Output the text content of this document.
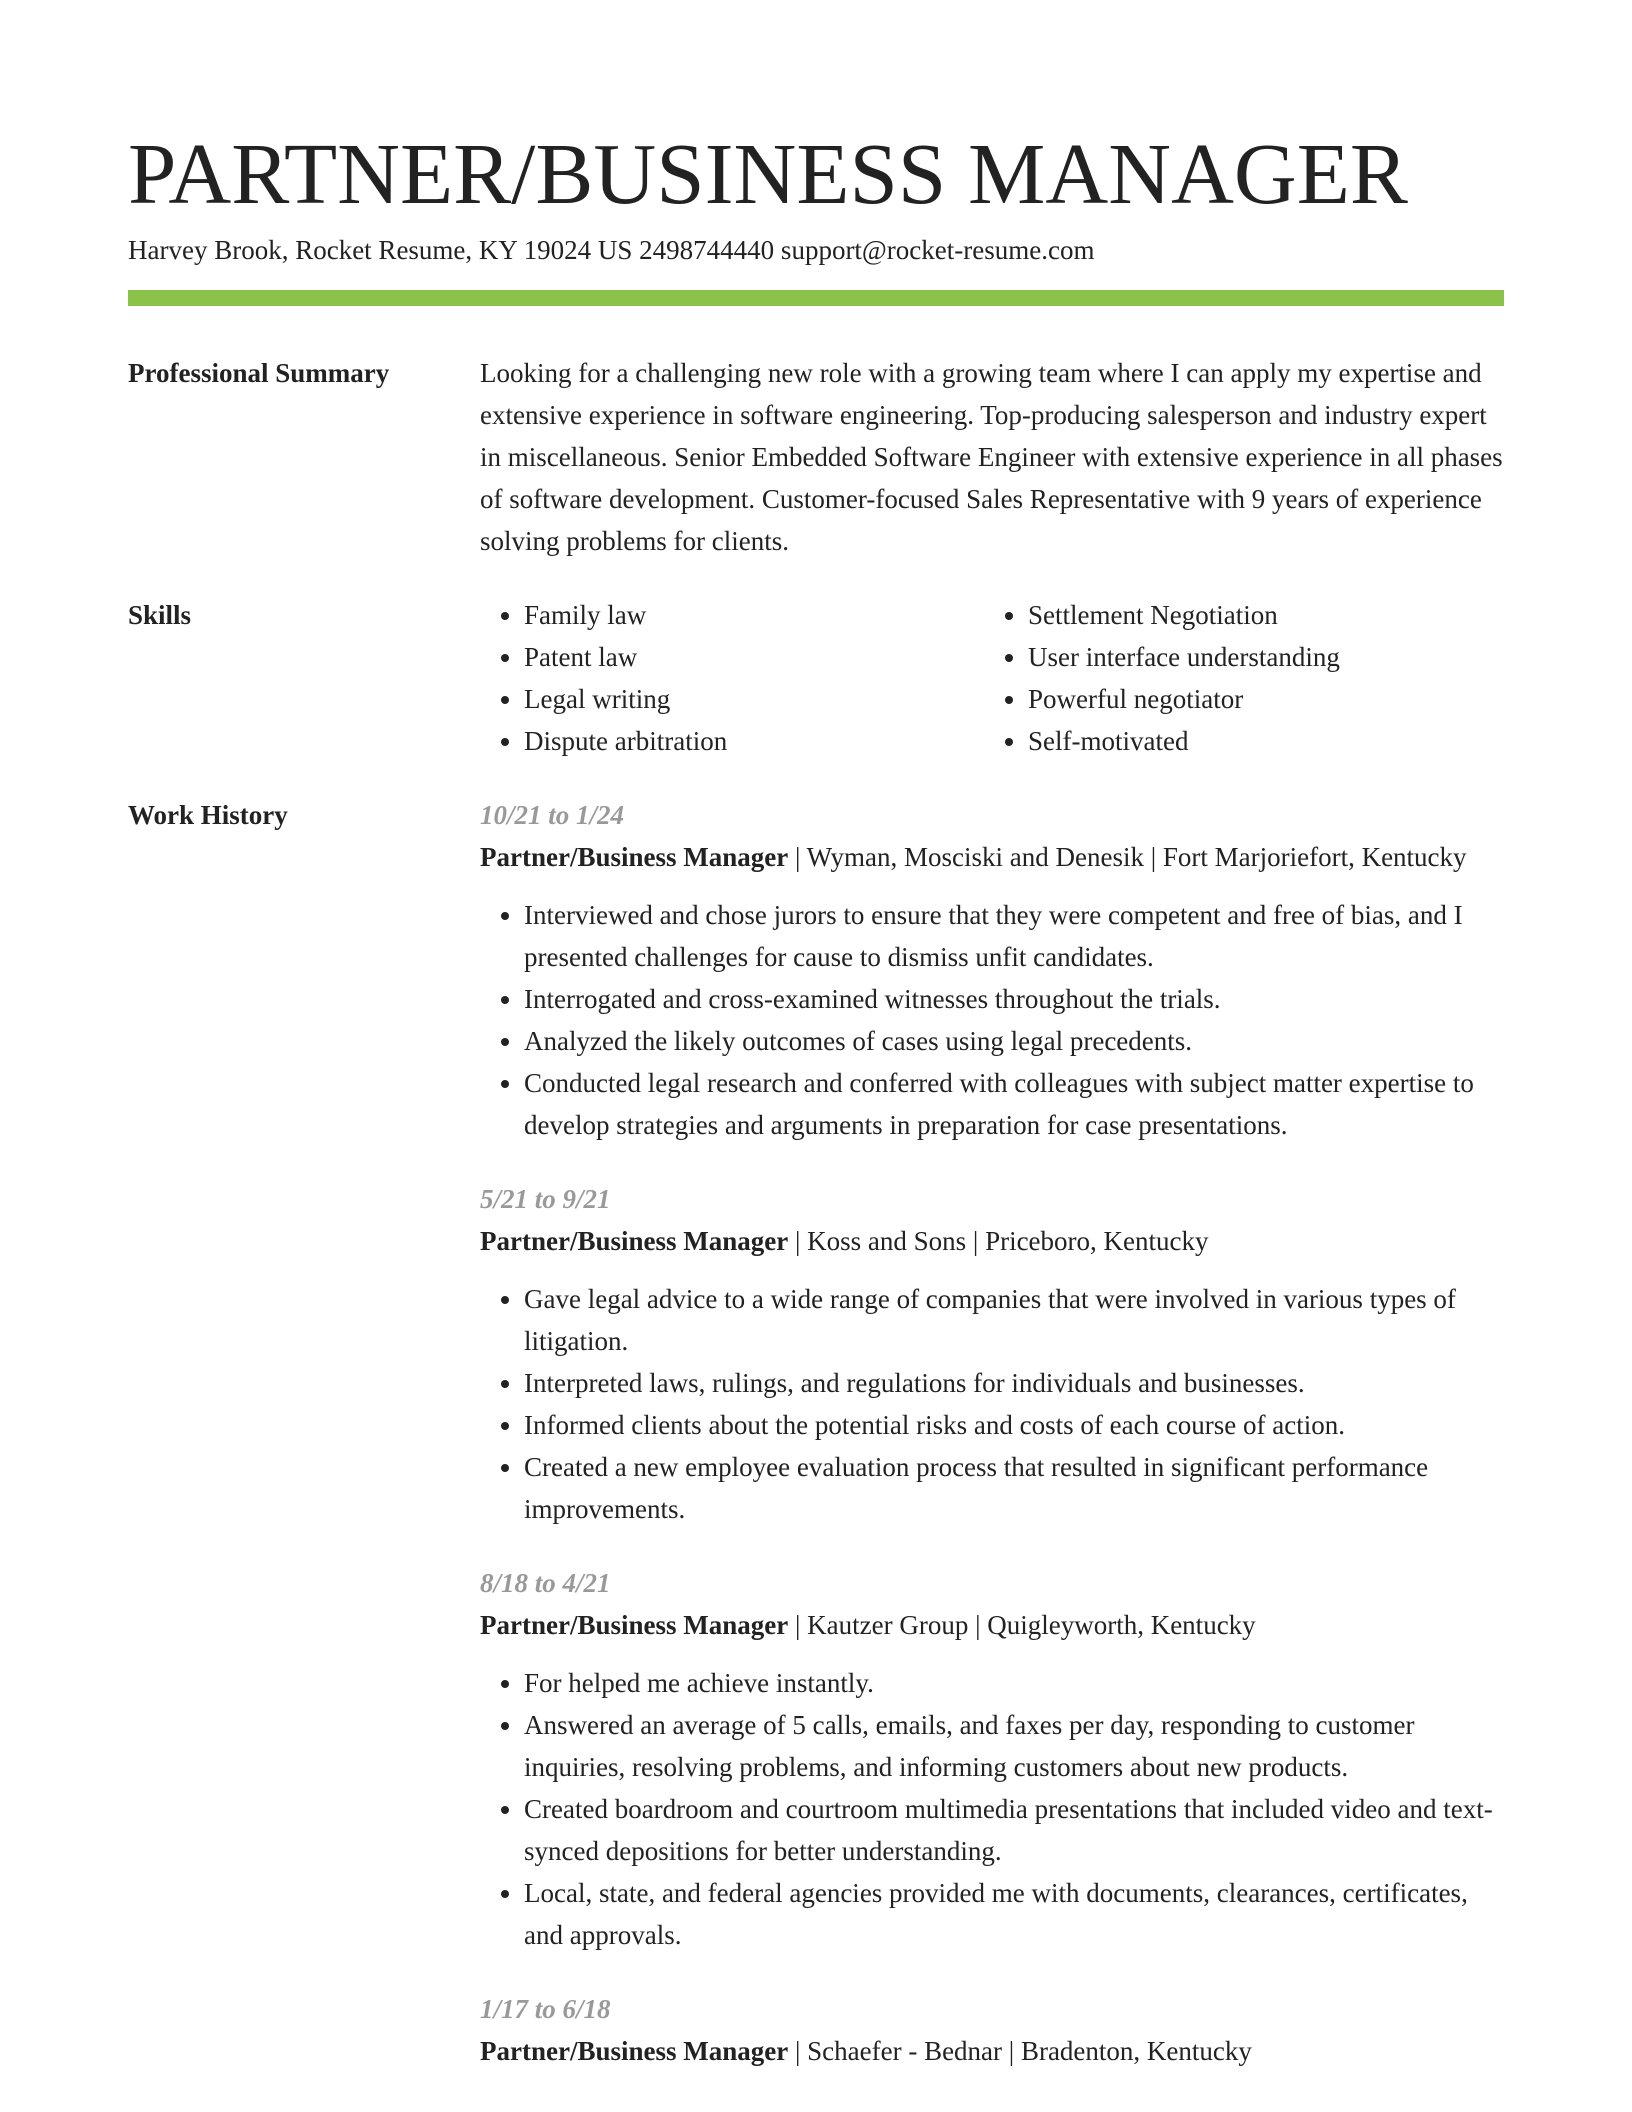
PARTNER/BUSINESS MANAGER
Harvey Brook, Rocket Resume, KY 19024 US 2498744440 support@rocket-resume.com
Professional Summary	Looking for a challenging new role with a growing team where I can apply my expertise and extensive experience in software engineering. Top-producing salesperson and industry expert in miscellaneous. Senior Embedded Software Engineer with extensive experience in all phases of software development. Customer-focused Sales Representative with 9 years of experience solving problems for clients.
Skills
•	Family law
• Patent law
• Legal writing
• Dispute arbitration
• Settlement Negotiation
• User interface understanding
• Powerful negotiator
• Self-motivated
Work History	10/21 to 1/24
Partner/Business Manager | Wyman, Mosciski and Denesik | Fort Marjoriefort, Kentucky
• Interviewed and chose jurors to ensure that they were competent and free of bias, and I presented challenges for cause to dismiss unfit candidates.
• Interrogated and cross-examined witnesses throughout the trials.
• Analyzed the likely outcomes of cases using legal precedents.
• Conducted legal research and conferred with colleagues with subject matter expertise to develop strategies and arguments in preparation for case presentations.
5/21 to 9/21
Partner/Business Manager | Koss and Sons | Priceboro, Kentucky
• Gave legal advice to a wide range of companies that were involved in various types of litigation.
• Interpreted laws, rulings, and regulations for individuals and businesses.
• Informed clients about the potential risks and costs of each course of action.
• Created a new employee evaluation process that resulted in significant performance improvements.
8/18 to 4/21
Partner/Business Manager | Kautzer Group | Quigleyworth, Kentucky
• For helped me achieve instantly.
• Answered an average of 5 calls, emails, and faxes per day, responding to customer inquiries, resolving problems, and informing customers about new products.
• Created boardroom and courtroom multimedia presentations that included video and text-synced depositions for better understanding.
• Local, state, and federal agencies provided me with documents, clearances, certificates, and approvals.
1/17 to 6/18
Partner/Business Manager | Schaefer - Bednar | Bradenton, Kentucky
